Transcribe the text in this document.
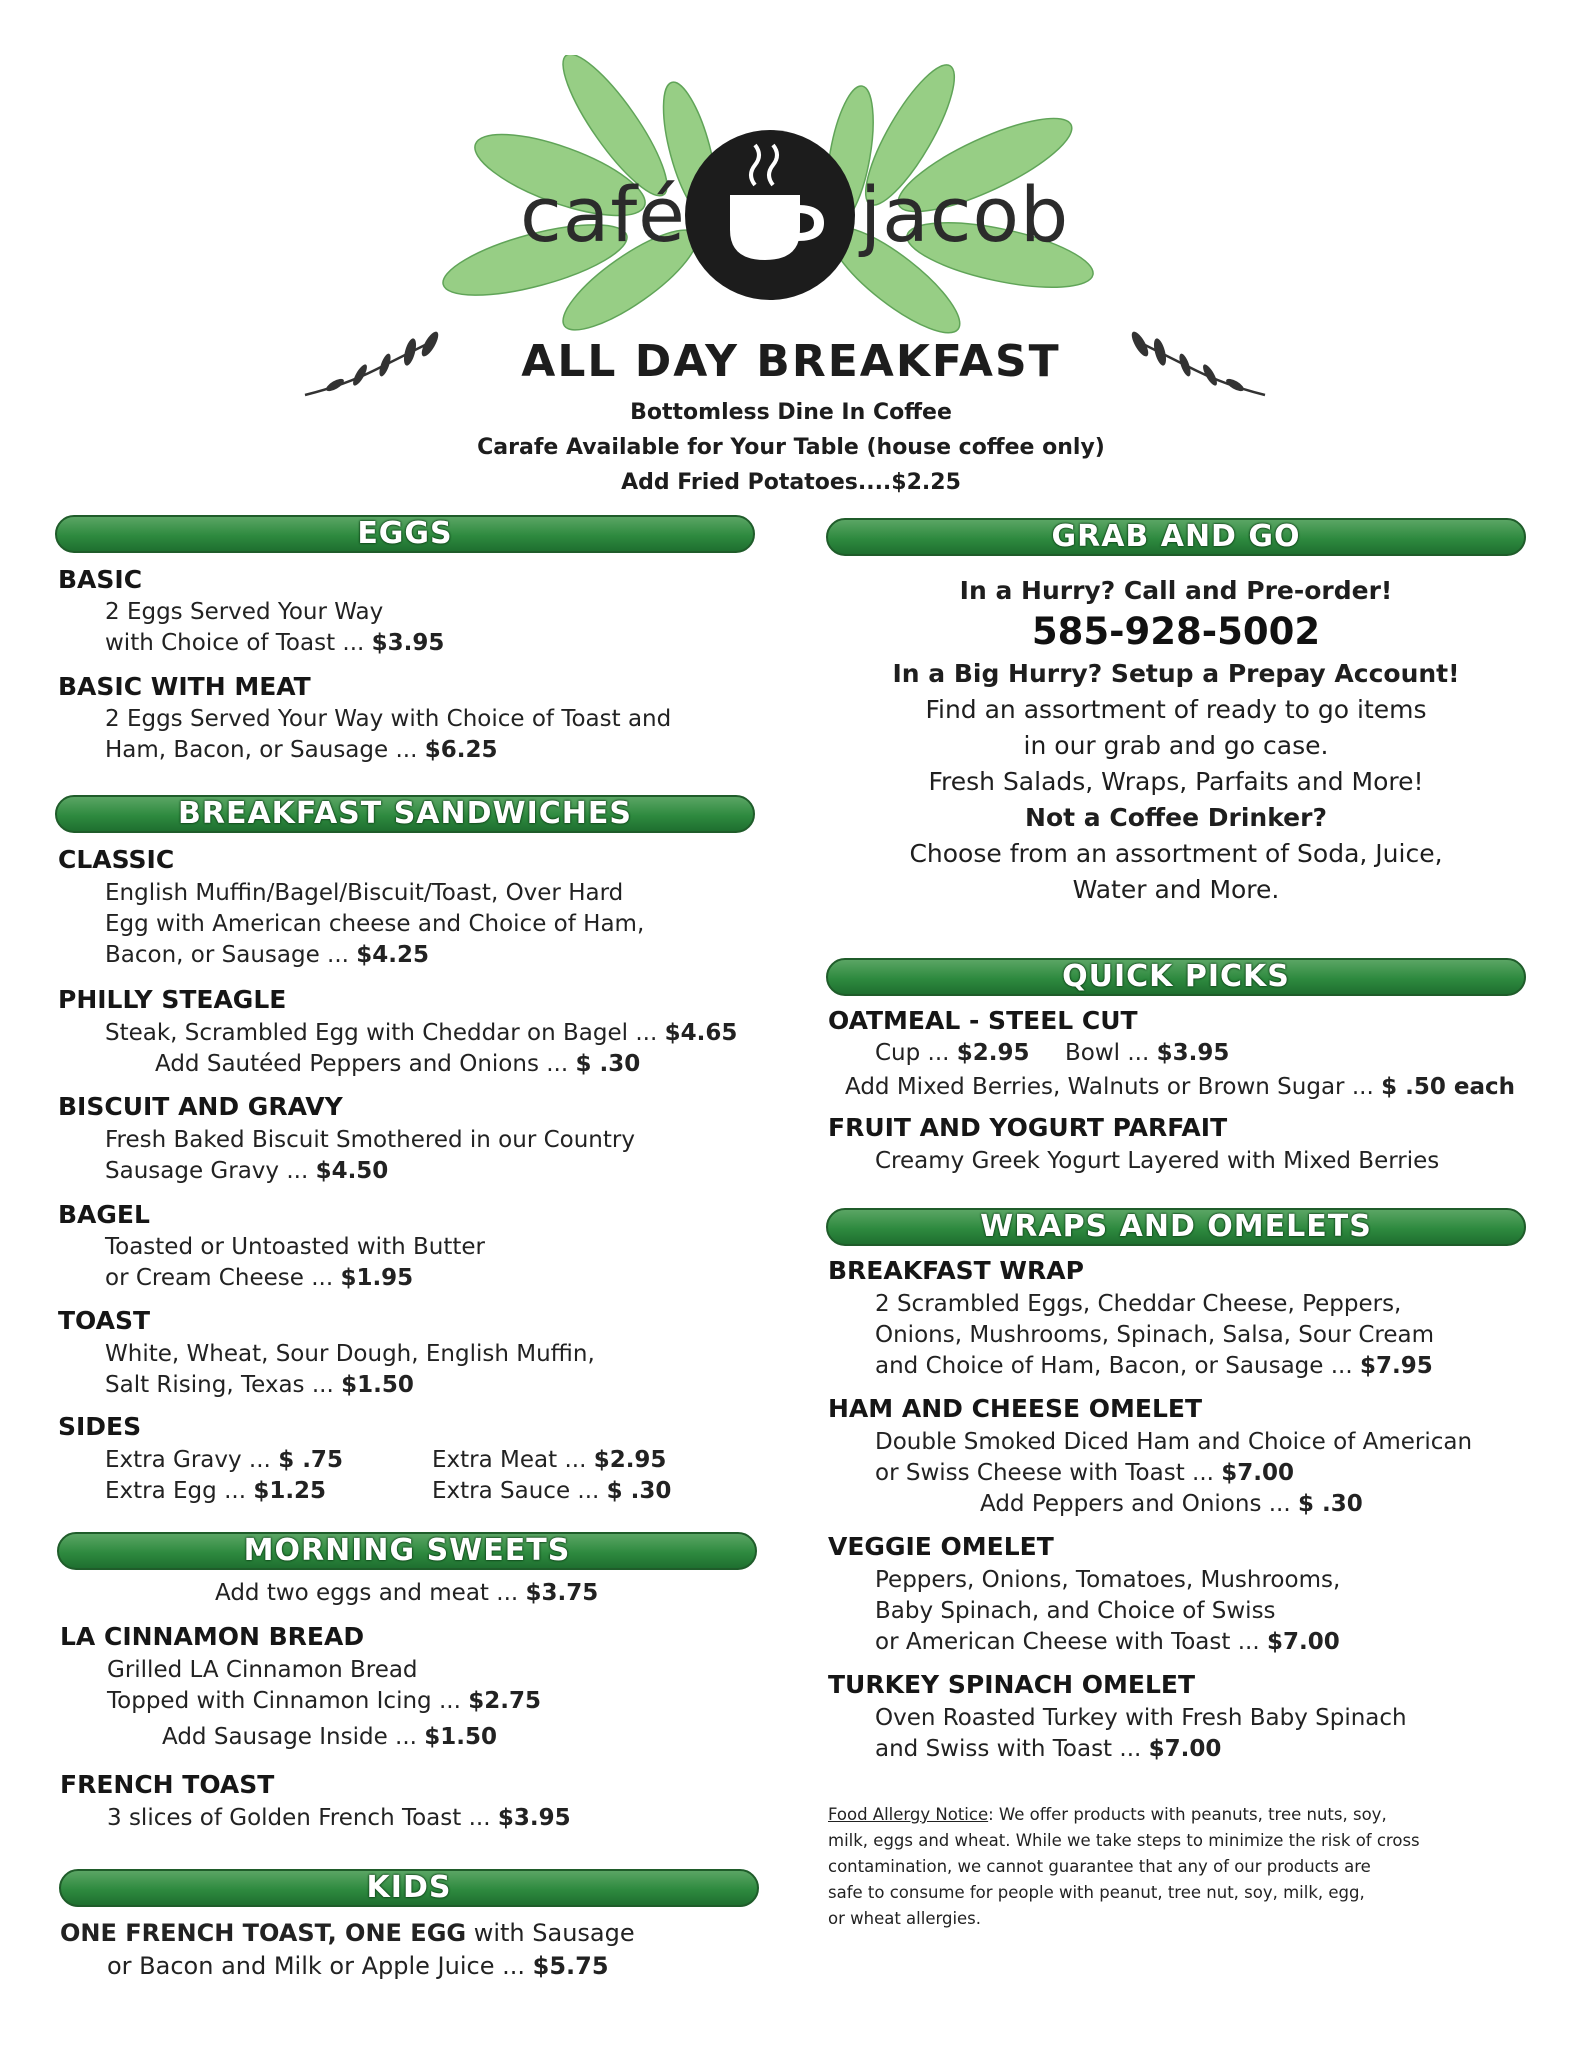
café jacob
ALL DAY BREAKFAST
Bottomless Dine In Coffee
Carafe Available for Your Table (house coffee only)
Add Fried Potatoes....$2.25
EGGS
BASIC
2 Eggs Served Your Way
with Choice of Toast ... $3.95
BASIC WITH MEAT
2 Eggs Served Your Way with Choice of Toast and
Ham, Bacon, or Sausage ... $6.25
BREAKFAST SANDWICHES
CLASSIC
English Muffin/Bagel/Biscuit/Toast, Over Hard
Egg with American cheese and Choice of Ham,
Bacon, or Sausage ... $4.25
PHILLY STEAGLE
Steak, Scrambled Egg with Cheddar on Bagel ... $4.65
Add Sautéed Peppers and Onions ... $ .30
BISCUIT AND GRAVY
Fresh Baked Biscuit Smothered in our Country
Sausage Gravy ... $4.50
BAGEL
Toasted or Untoasted with Butter
or Cream Cheese ... $1.95
TOAST
White, Wheat, Sour Dough, English Muffin,
Salt Rising, Texas ... $1.50
SIDES
Extra Gravy ... $ .75	Extra Meat ... $2.95
Extra Egg ... $1.25	Extra Sauce ... $ .30
MORNING SWEETS
Add two eggs and meat ... $3.75
LA CINNAMON BREAD
Grilled LA Cinnamon Bread
Topped with Cinnamon Icing ... $2.75
Add Sausage Inside ... $1.50
FRENCH TOAST
3 slices of Golden French Toast ... $3.95
KIDS
ONE FRENCH TOAST, ONE EGG with Sausage
or Bacon and Milk or Apple Juice ... $5.75
GRAB AND GO
In a Hurry? Call and Pre-order!
585-928-5002
In a Big Hurry? Setup a Prepay Account!
Find an assortment of ready to go items
in our grab and go case.
Fresh Salads, Wraps, Parfaits and More!
Not a Coffee Drinker?
Choose from an assortment of Soda, Juice,
Water and More.
QUICK PICKS
OATMEAL - STEEL CUT
Cup ... $2.95 Bowl ... $3.95
Add Mixed Berries, Walnuts or Brown Sugar ... $ .50 each
FRUIT AND YOGURT PARFAIT
Creamy Greek Yogurt Layered with Mixed Berries
WRAPS AND OMELETS
BREAKFAST WRAP
2 Scrambled Eggs, Cheddar Cheese, Peppers,
Onions, Mushrooms, Spinach, Salsa, Sour Cream
and Choice of Ham, Bacon, or Sausage ... $7.95
HAM AND CHEESE OMELET
Double Smoked Diced Ham and Choice of American
or Swiss Cheese with Toast ... $7.00
Add Peppers and Onions ... $ .30
VEGGIE OMELET
Peppers, Onions, Tomatoes, Mushrooms,
Baby Spinach, and Choice of Swiss
or American Cheese with Toast ... $7.00
TURKEY SPINACH OMELET
Oven Roasted Turkey with Fresh Baby Spinach
and Swiss with Toast ... $7.00
Food Allergy Notice: We offer products with peanuts, tree nuts, soy,
milk, eggs and wheat. While we take steps to minimize the risk of cross
contamination, we cannot guarantee that any of our products are
safe to consume for people with peanut, tree nut, soy, milk, egg,
or wheat allergies.
